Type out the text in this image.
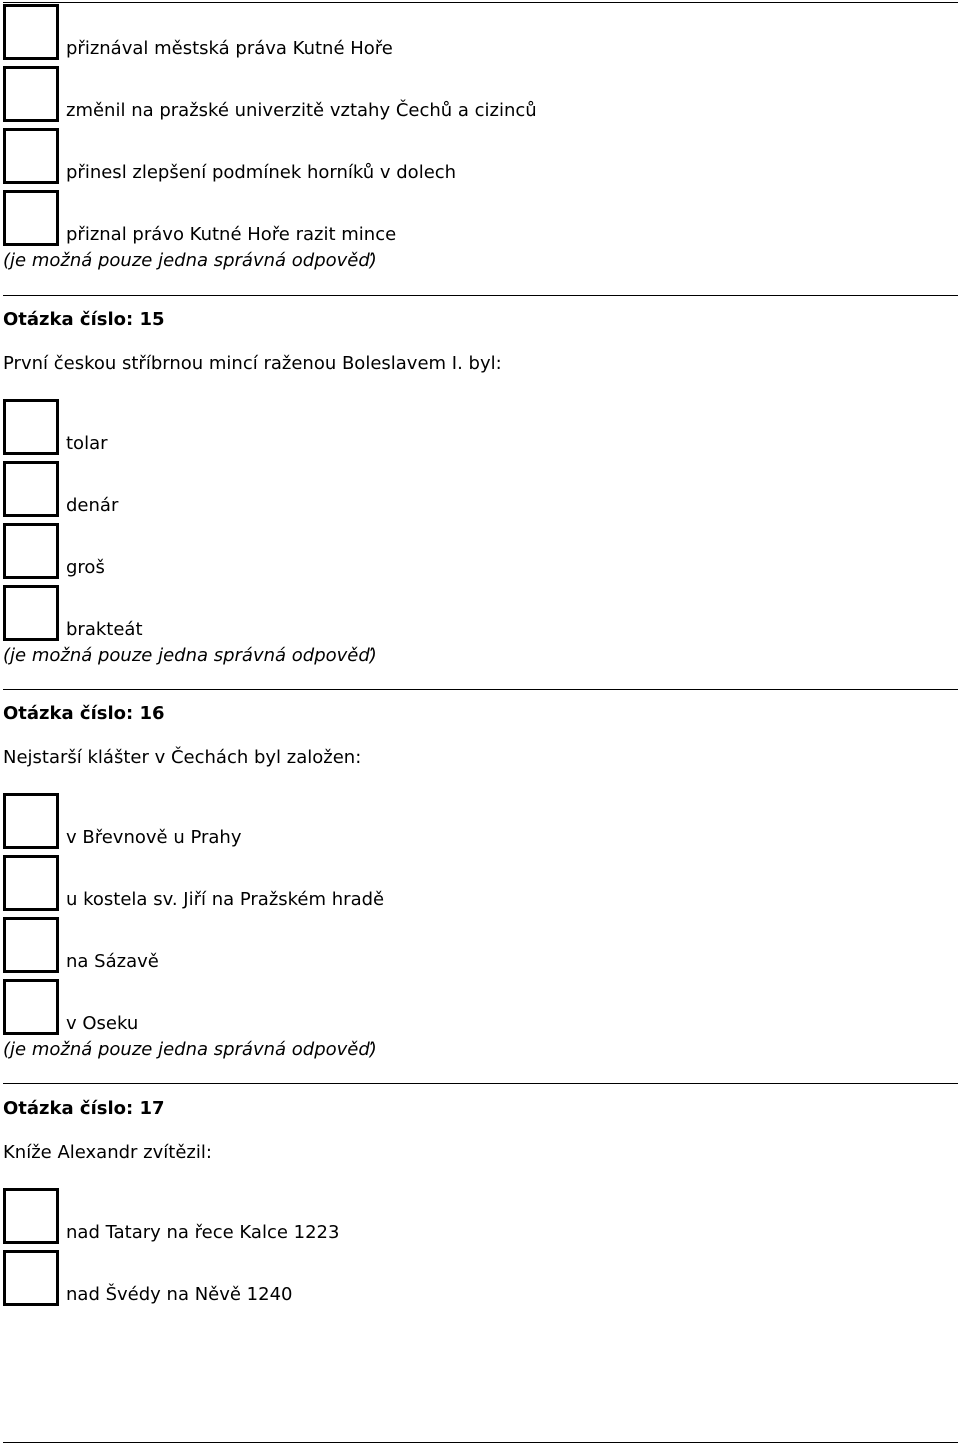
přiznával městská práva Kutné Hoře
změnil na pražské univerzitě vztahy Čechů a cizinců
přinesl zlepšení podmínek horníků v dolech
přiznal právo Kutné Hoře razit mince
(je možná pouze jedna správná odpověď)
Otázka číslo: 15
První českou stříbrnou mincí raženou Boleslavem I. byl:
tolar
denár
groš
brakteát
(je možná pouze jedna správná odpověď)
Otázka číslo: 16
Nejstarší klášter v Čechách byl založen:
v Břevnově u Prahy
u kostela sv. Jiří na Pražském hradě
na Sázavě
v Oseku
(je možná pouze jedna správná odpověď)
Otázka číslo: 17
Kníže Alexandr zvítězil:
nad Tatary na řece Kalce 1223
nad Švédy na Něvě 1240
